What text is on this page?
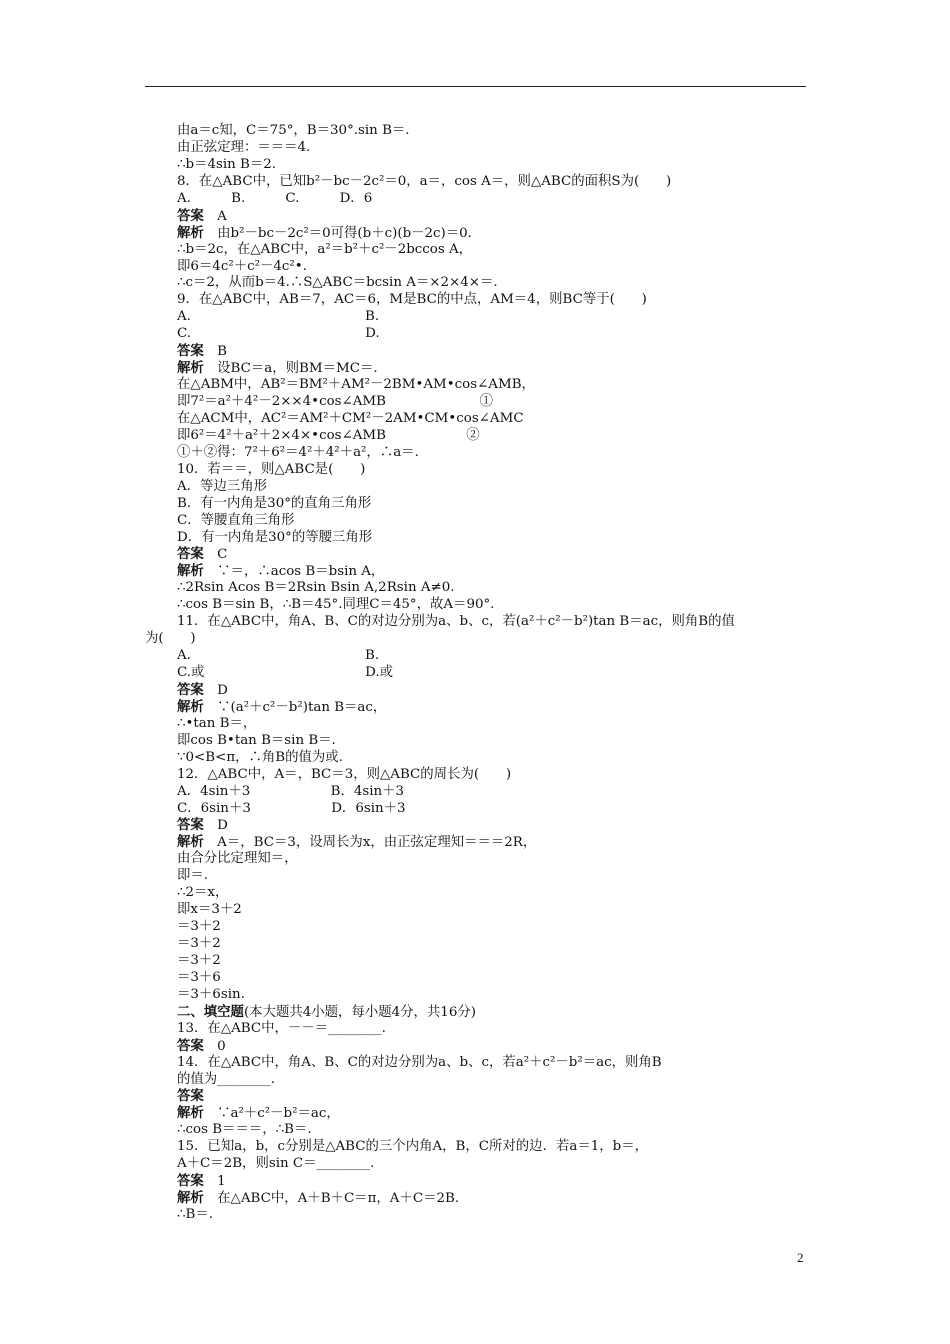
由a＝c知，C＝75°，B＝30°.sin B＝.
由正弦定理：＝＝＝4.
∴b＝4sin B＝2.
8．在△ABC中，已知b²－bc－2c²＝0，a＝，cos A＝，则△ABC的面积S为(　　)
A.　　　B.　　　C.　　　D．6
答案　A
解析　由b²－bc－2c²＝0可得(b＋c)(b－2c)＝0.
∴b＝2c，在△ABC中，a²＝b²＋c²－2bccos A，
即6＝4c²＋c²－4c²•.
∴c＝2，从而b＝4.∴S△ABC＝bcsin A＝×2×4×＝.
9．在△ABC中，AB＝7，AC＝6，M是BC的中点，AM＝4，则BC等于(　　)
A.　　　　　　　　　　　　　B.
C.　　　　　　　　　　　　　D.
答案　B
解析　设BC＝a，则BM＝MC＝.
在△ABM中，AB²＝BM²＋AM²－2BM•AM•cos∠AMB，
即7²＝a²＋4²－2××4•cos∠AMB　　　　　　　①
在△ACM中，AC²＝AM²＋CM²－2AM•CM•cos∠AMC
即6²＝4²＋a²＋2×4×•cos∠AMB　　　　　　②
①＋②得：7²＋6²＝4²＋4²＋a²，∴a＝.
10．若＝＝，则△ABC是(　　)
A．等边三角形
B．有一内角是30°的直角三角形
C．等腰直角三角形
D．有一内角是30°的等腰三角形
答案　C
解析　∵＝，∴acos B＝bsin A，
∴2Rsin Acos B＝2Rsin Bsin A,2Rsin A≠0.
∴cos B＝sin B，∴B＝45°.同理C＝45°，故A＝90°.
11．在△ABC中，角A、B、C的对边分别为a、b、c，若(a²＋c²－b²)tan B＝ac，则角B的值
为(　　)
A.　　　　　　　　　　　　　B.
C.或　　　　　　　　　　　　D.或
答案　D
解析　∵(a²＋c²－b²)tan B＝ac，
∴•tan B＝，
即cos B•tan B＝sin B＝.
∵0<B<π，∴角B的值为或.
12．△ABC中，A＝，BC＝3，则△ABC的周长为(　　)
A．4sin＋3　　　　　　B．4sin＋3
C．6sin＋3　　　　　　D．6sin＋3
答案　D
解析　A＝，BC＝3，设周长为x，由正弦定理知＝＝＝2R，
由合分比定理知＝，
即＝.
∴2＝x，
即x＝3＋2
＝3＋2
＝3＋2
＝3＋2
＝3＋6
＝3＋6sin.
二、填空题(本大题共4小题，每小题4分，共16分)
13．在△ABC中，－－＝________.
答案　0
14．在△ABC中，角A、B、C的对边分别为a、b、c，若a²＋c²－b²＝ac，则角B
的值为________.
答案
解析　∵a²＋c²－b²＝ac，
∴cos B＝＝＝，∴B＝.
15．已知a，b，c分别是△ABC的三个内角A，B，C所对的边．若a＝1，b＝，
A＋C＝2B，则sin C＝________.
答案　1
解析　在△ABC中，A＋B＋C＝π，A＋C＝2B.
∴B＝.
2
